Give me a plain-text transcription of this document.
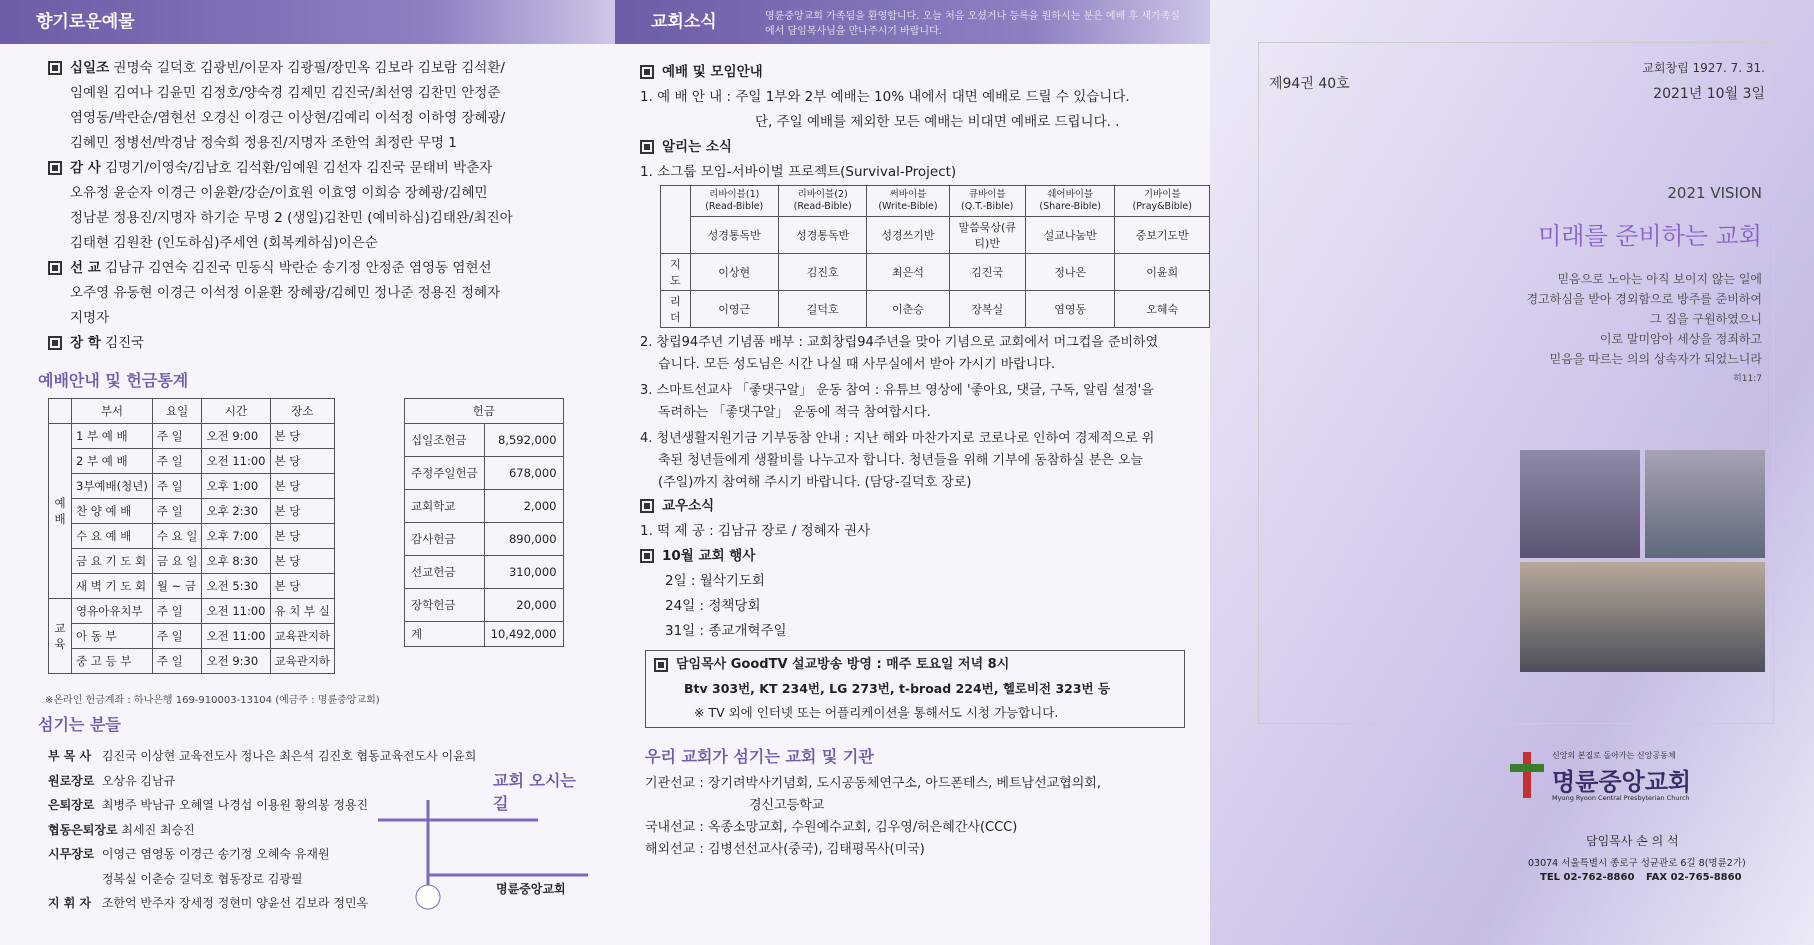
향기로운예물
십일조 권명숙 길덕호 김광빈/이문자 김광필/장민옥 김보라 김보람 김석환/
임예원 김여나 김윤민 김정호/양숙경 김제민 김진국/최선영 김찬민 안정준
염영동/박란순/염현선 오경신 이경근 이상현/김예리 이석정 이하영 장혜광/
김혜민 정병선/박경남 정숙희 정용진/지명자 조한억 최정란 무명 1
감 사 김명기/이영숙/김남호 김석환/임예원 김선자 김진국 문태비 박춘자
오유정 윤순자 이경근 이윤환/강순/이효원 이효영 이희승 장혜광/김혜민
정남분 정용진/지명자 하기순 무명 2 (생일)김찬민 (예비하심)김태완/최진아
김태현 김원찬 (인도하심)주세연 (회복케하심)이은순
선 교 김남규 김연숙 김진국 민동식 박란순 송기정 안정준 염영동 염현선
오주영 유동현 이경근 이석정 이윤환 장혜광/김혜민 정나준 정용진 정혜자
지명자
장 학 김진국
예배안내 및 헌금통계
	부서	요일	시간	장소
예배	1 부 예 배	주 일	오전 9:00	본 당
	2 부 예 배	주 일	오전 11:00	본 당
	3부예배(청년)	주 일	오후 1:00	본 당
	찬 양 예 배	주 일	오후 2:30	본 당
	수 요 예 배	수 요 일	오후 7:00	본 당
	금 요 기 도 회	금 요 일	오후 8:30	본 당
	새 벽 기 도 회	월 ~ 금	오전 5:30	본 당
교육	영유아유치부	주 일	오전 11:00	유 치 부 실
	아 동 부	주 일	오전 11:00	교육관지하
	중 고 등 부	주 일	오전 9:30	교육관지하
헌금	
십일조헌금	8,592,000
주정주일헌금	678,000
교회학교	2,000
감사헌금	890,000
선교헌금	310,000
장학헌금	20,000
계	10,492,000
※온라인 헌금계좌 : 하나은행 169-910003-13104 (예금주 : 명륜중앙교회)
섬기는 분들
부 목 사 김진국 이상현 교육전도사 정나은 최은석 김진호 협동교육전도사 이윤희
원로장로 오상유 김남규
은퇴장로 최병주 박남규 오혜열 나경섭 이용원 황의봉 정용진
협동은퇴장로 최세진 최승진
시무장로 이영근 염영동 이경근 송기정 오혜숙 유재원
정복실 이춘승 길덕호 협동장로 김광필
지 휘 자 조한억 반주자 장세정 정현미 양윤선 김보라 정민옥
교회 오시는 길
명륜중앙교회
교회소식	명륜중앙교회 가족됨을 환영합니다. 오늘 처음 오셨거나 등록을 원하시는 분은 예배 후 새가족실에서 담임목사님을 만나주시기 바랍니다.
예배 및 모임안내
1. 예 배 안 내 : 주일 1부와 2부 예배는 10% 내에서 대면 예배로 드릴 수 있습니다.
단, 주일 예배를 제외한 모든 예배는 비대면 예배로 드립니다. .
알리는 소식
1. 소그룹 모임-서바이벌 프로젝트(Survival-Project)
	리바이블(1) (Read-Bible)	리바이블(2) (Read-Bible)	써바이블 (Write-Bible)	큐바이블 (Q.T.-Bible)	쉐어바이블 (Share-Bible)	기바이블 (Pray&Bible)
	성경통독반	성경통독반	성경쓰기반	말씀묵상(큐티)반	설교나눔반	중보기도반
지도	이상현	김진호	최은석	김진국	정나은	이윤희
리더	이영근	길덕호	이춘승	장복실	염영동	오혜숙
2. 창립94주년 기념품 배부 : 교회창립94주년을 맞아 기념으로 교회에서 머그컵을 준비하였습니다. 모든 성도님은 시간 나실 때 사무실에서 받아 가시기 바랍니다.
3. 스마트선교사 「좋댓구알」 운동 참여 : 유튜브 영상에 '좋아요, 댓글, 구독, 알림 설정'을 독려하는 「좋댓구알」 운동에 적극 참여합시다.
4. 청년생활지원기금 기부동참 안내 : 지난 해와 마찬가지로 코로나로 인하여 경제적으로 위축된 청년들에게 생활비를 나누고자 합니다. 청년들을 위해 기부에 동참하실 분은 오늘(주일)까지 참여해 주시기 바랍니다. (담당-길덕호 장로)
교우소식
1. 떡 제 공 : 김남규 장로 / 정혜자 권사
10월 교회 행사
2일 : 월삭기도회
24일 : 정책당회
31일 : 종교개혁주일
담임목사 GoodTV 설교방송 방영 : 매주 토요일 저녁 8시
Btv 303번, KT 234번, LG 273번, t-broad 224번, 헬로비전 323번 등
※ TV 외에 인터넷 또는 어플리케이션을 통해서도 시청 가능합니다.
우리 교회가 섬기는 교회 및 기관
기관선교 : 장기려박사기념회, 도시공동체연구소, 아드폰테스, 베트남선교협의회,
경신고등학교
국내선교 : 옥종소망교회, 수원예수교회, 김우영/허은혜간사(CCC)
해외선교 : 김병선선교사(중국), 김태평목사(미국)
제94권 40호
교회창립 1927. 7. 31.
2021년 10월 3일
2021 VISION
미래를 준비하는 교회
믿음으로 노아는 아직 보이지 않는 일에
경고하심을 받아 경외함으로 방주를 준비하여
그 집을 구원하였으니
이로 말미암아 세상을 정죄하고
믿음을 따르는 의의 상속자가 되었느니라
히11:7
신앙의 본질로 돌아가는 신앙공동체
명륜중앙교회
Myung Ryoon Central Presbyterian Church
담임목사 손 의 석
03074 서울특별시 종로구 성균관로 6길 8(명륜2가)
TEL 02-762-8860 FAX 02-765-8860
